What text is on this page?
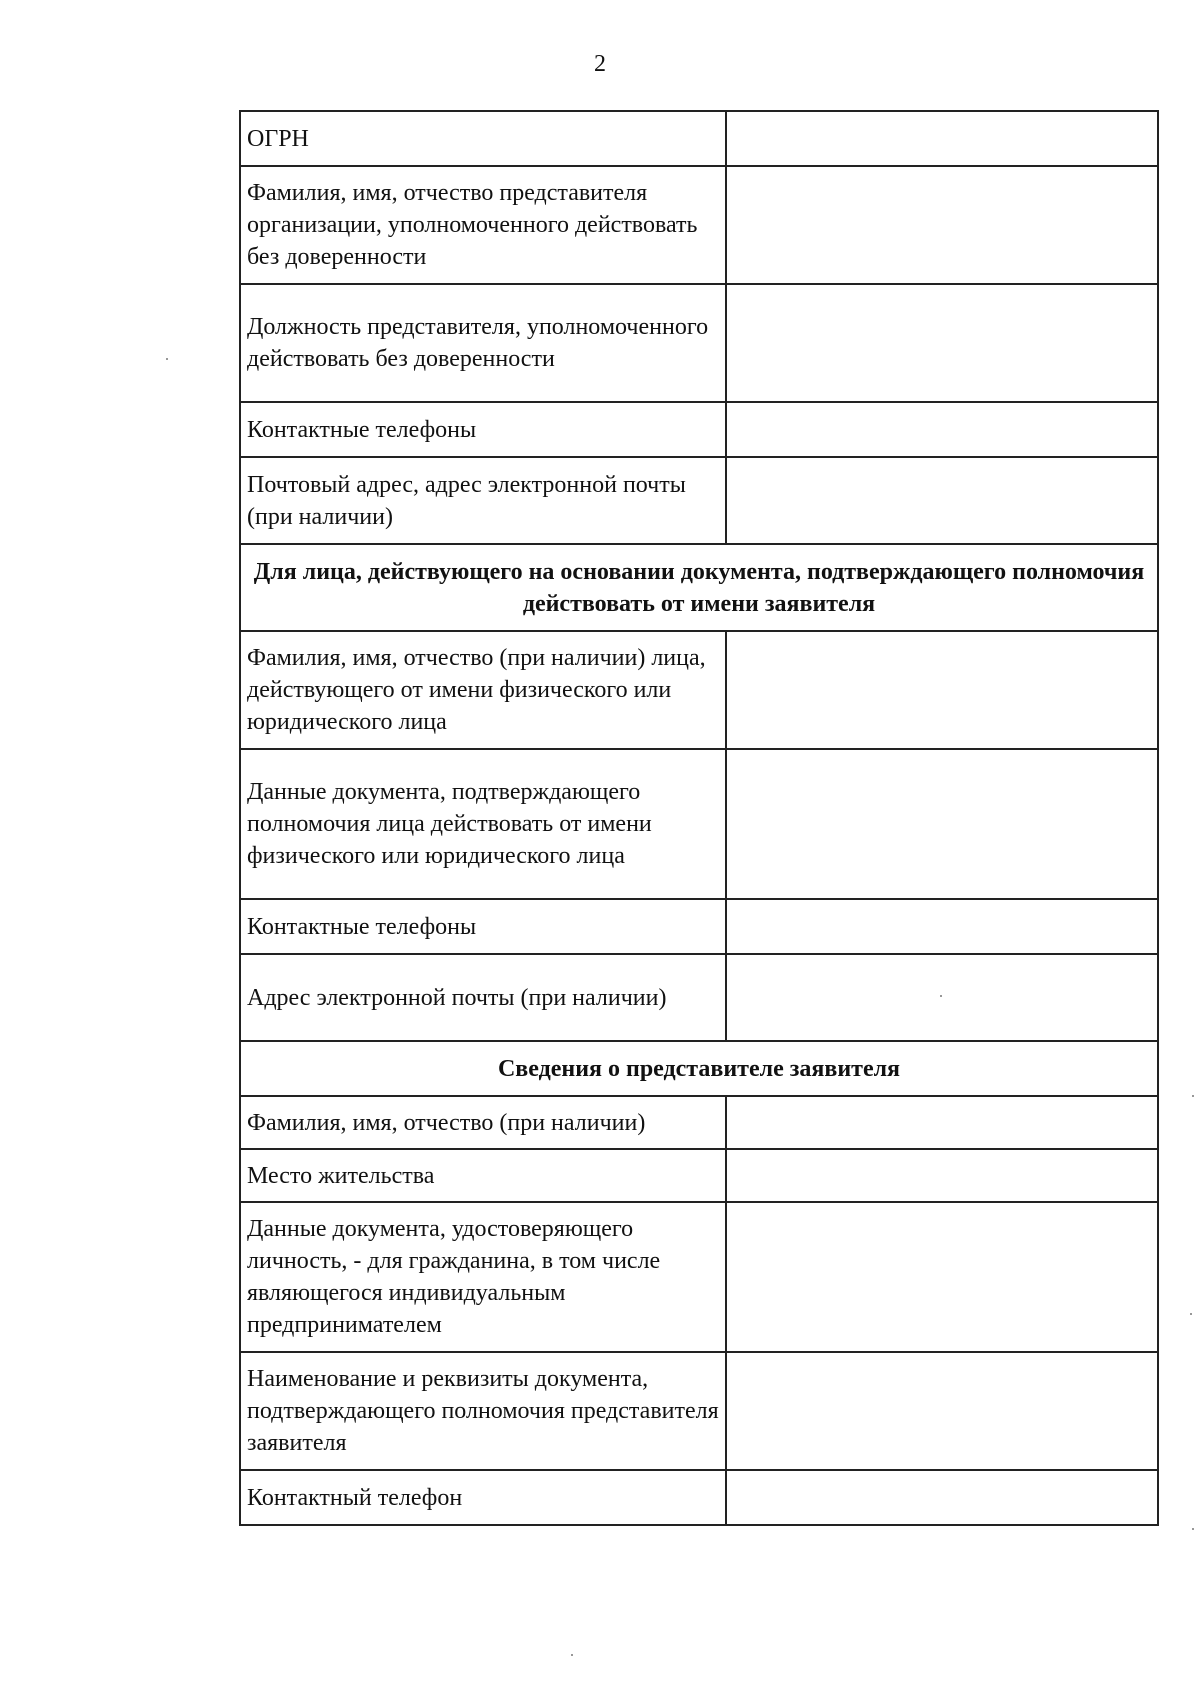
2
ОГРН	
Фамилия, имя, отчество представителя организации, уполномоченного действовать без доверенности	
Должность представителя, уполномоченного действовать без доверенности	
Контактные телефоны	
Почтовый адрес, адрес электронной почты (при наличии)	
Для лица, действующего на основании документа, подтверждающего полномочия действовать от имени заявителя	
Фамилия, имя, отчество (при наличии) лица, действующего от имени физического или юридического лица	
Данные документа, подтверждающего полномочия лица действовать от имени физического или юридического лица	
Контактные телефоны	
Адрес электронной почты (при наличии)	
Сведения о представителе заявителя	
Фамилия, имя, отчество (при наличии)	
Место жительства	
Данные документа, удостоверяющего личность, - для гражданина, в том числе являющегося индивидуальным предпринимателем	
Наименование и реквизиты документа, подтверждающего полномочия представителя заявителя	
Контактный телефон	
